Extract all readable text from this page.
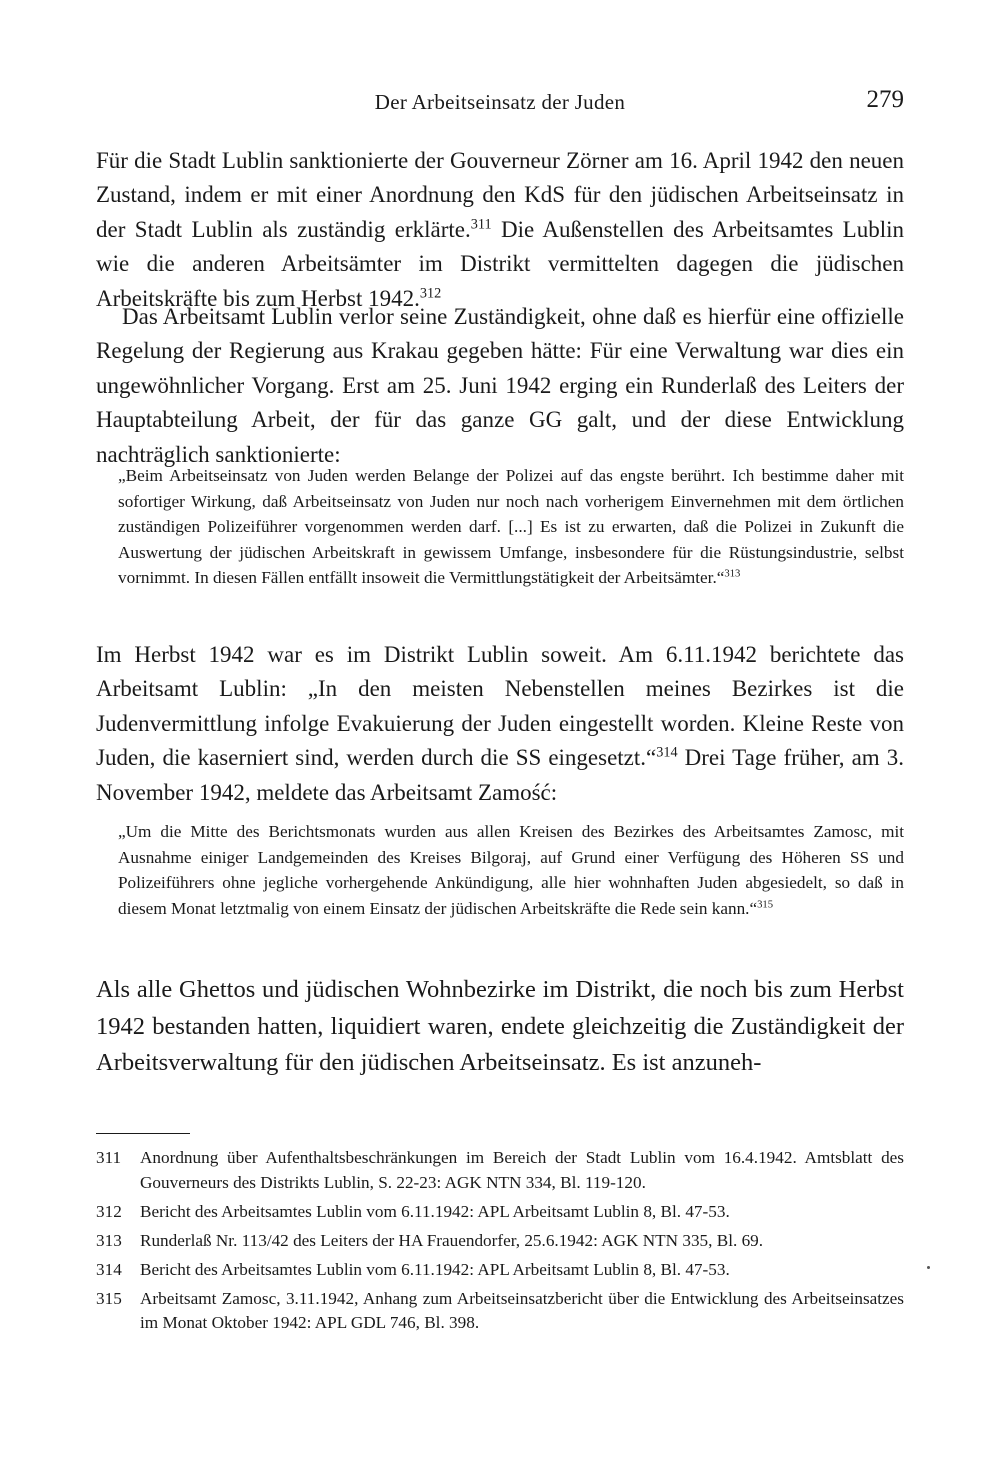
Der Arbeitseinsatz der Juden	279

Für die Stadt Lublin sanktionierte der Gouverneur Zörner am 16. April 1942 den neuen Zustand, indem er mit einer Anordnung den KdS für den jüdischen Arbeitseinsatz in der Stadt Lublin als zuständig erklärte.$^{311}$ Die Außenstellen des Arbeitsamtes Lublin wie die anderen Arbeitsämter im Distrikt vermittelten dagegen die jüdischen Arbeitskräfte bis zum Herbst 1942.$^{312}$

Das Arbeitsamt Lublin verlor seine Zuständigkeit, ohne daß es hierfür eine offizielle Regelung der Regierung aus Krakau gegeben hätte: Für eine Verwaltung war dies ein ungewöhnlicher Vorgang. Erst am 25. Juni 1942 erging ein Runderlaß des Leiters der Hauptabteilung Arbeit, der für das ganze GG galt, und der diese Entwicklung nachträglich sanktionierte:

„Beim Arbeitseinsatz von Juden werden Belange der Polizei auf das engste berührt. Ich bestimme daher mit sofortiger Wirkung, daß Arbeitseinsatz von Juden nur noch nach vorherigem Einvernehmen mit dem örtlichen zuständigen Polizeiführer vorgenommen werden darf. [...] Es ist zu erwarten, daß die Polizei in Zukunft die Auswertung der jüdischen Arbeitskraft in gewissem Umfange, insbesondere für die Rüstungsindustrie, selbst vornimmt. In diesen Fällen entfällt insoweit die Vermittlungstätigkeit der Arbeitsämter.“$^{313}$

Im Herbst 1942 war es im Distrikt Lublin soweit. Am 6.11.1942 berichtete das Arbeitsamt Lublin: „In den meisten Nebenstellen meines Bezirkes ist die Judenvermittlung infolge Evakuierung der Juden eingestellt worden. Kleine Reste von Juden, die kaserniert sind, werden durch die SS eingesetzt.“$^{314}$ Drei Tage früher, am 3. November 1942, meldete das Arbeitsamt Zamość:

„Um die Mitte des Berichtsmonats wurden aus allen Kreisen des Bezirkes des Arbeitsamtes Zamosc, mit Ausnahme einiger Landgemeinden des Kreises Bilgoraj, auf Grund einer Verfügung des Höheren SS und Polizeiführers ohne jegliche vorhergehende Ankündigung, alle hier wohnhaften Juden abgesiedelt, so daß in diesem Monat letztmalig von einem Einsatz der jüdischen Arbeitskräfte die Rede sein kann.“$^{315}$

Als alle Ghettos und jüdischen Wohnbezirke im Distrikt, die noch bis zum Herbst 1942 bestanden hatten, liquidiert waren, endete gleichzeitig die Zuständigkeit der Arbeitsverwaltung für den jüdischen Arbeitseinsatz. Es ist anzuneh-

311 Anordnung über Aufenthaltsbeschränkungen im Bereich der Stadt Lublin vom 16.4.1942. Amtsblatt des Gouverneurs des Distrikts Lublin, S. 22-23: AGK NTN 334, Bl. 119-120.

312 Bericht des Arbeitsamtes Lublin vom 6.11.1942: APL Arbeitsamt Lublin 8, Bl. 47-53.

313 Runderlaß Nr. 113/42 des Leiters der HA Frauendorfer, 25.6.1942: AGK NTN 335, Bl. 69.

314 Bericht des Arbeitsamtes Lublin vom 6.11.1942: APL Arbeitsamt Lublin 8, Bl. 47-53.

315 Arbeitsamt Zamosc, 3.11.1942, Anhang zum Arbeitseinsatzbericht über die Entwicklung des Arbeitseinsatzes im Monat Oktober 1942: APL GDL 746, Bl. 398.
